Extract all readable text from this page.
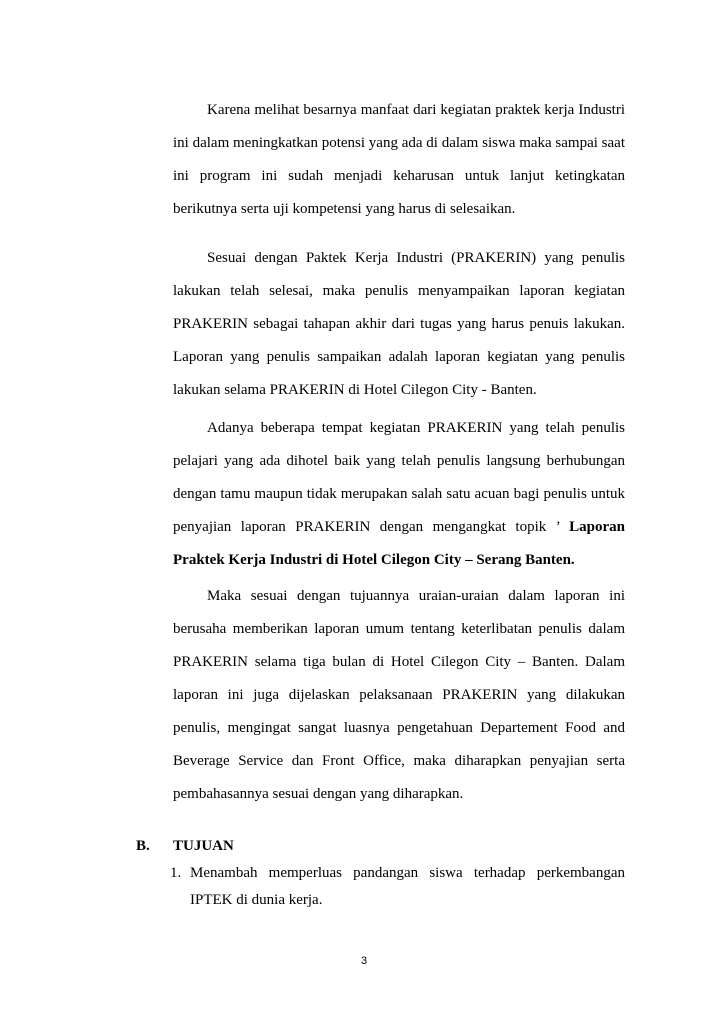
Karena melihat besarnya manfaat dari kegiatan praktek kerja Industri ini dalam meningkatkan potensi yang ada di dalam siswa maka sampai saat ini program ini sudah menjadi keharusan untuk lanjut ketingkatan berikutnya serta uji kompetensi yang harus di selesaikan.

Sesuai dengan Paktek Kerja Industri (PRAKERIN) yang penulis lakukan telah selesai, maka penulis menyampaikan laporan kegiatan PRAKERIN sebagai tahapan akhir dari tugas yang harus penuis lakukan. Laporan yang penulis sampaikan adalah laporan kegiatan yang penulis lakukan selama PRAKERIN di Hotel Cilegon City - Banten.

Adanya beberapa tempat kegiatan PRAKERIN yang telah penulis pelajari yang ada dihotel baik yang telah penulis langsung berhubungan dengan tamu maupun tidak merupakan salah satu acuan bagi penulis untuk penyajian laporan PRAKERIN dengan mengangkat topik ’ Laporan Praktek Kerja Industri di Hotel Cilegon City – Serang Banten.

Maka sesuai dengan tujuannya uraian-uraian dalam laporan ini berusaha memberikan laporan umum tentang keterlibatan penulis dalam PRAKERIN selama tiga bulan di Hotel Cilegon City – Banten. Dalam laporan ini juga dijelaskan pelaksanaan PRAKERIN yang dilakukan penulis, mengingat sangat luasnya pengetahuan Departement Food and Beverage Service dan Front Office, maka diharapkan penyajian serta pembahasannya sesuai dengan yang diharapkan.

B. TUJUAN
1. Menambah memperluas pandangan siswa terhadap perkembangan IPTEK di dunia kerja.
3
